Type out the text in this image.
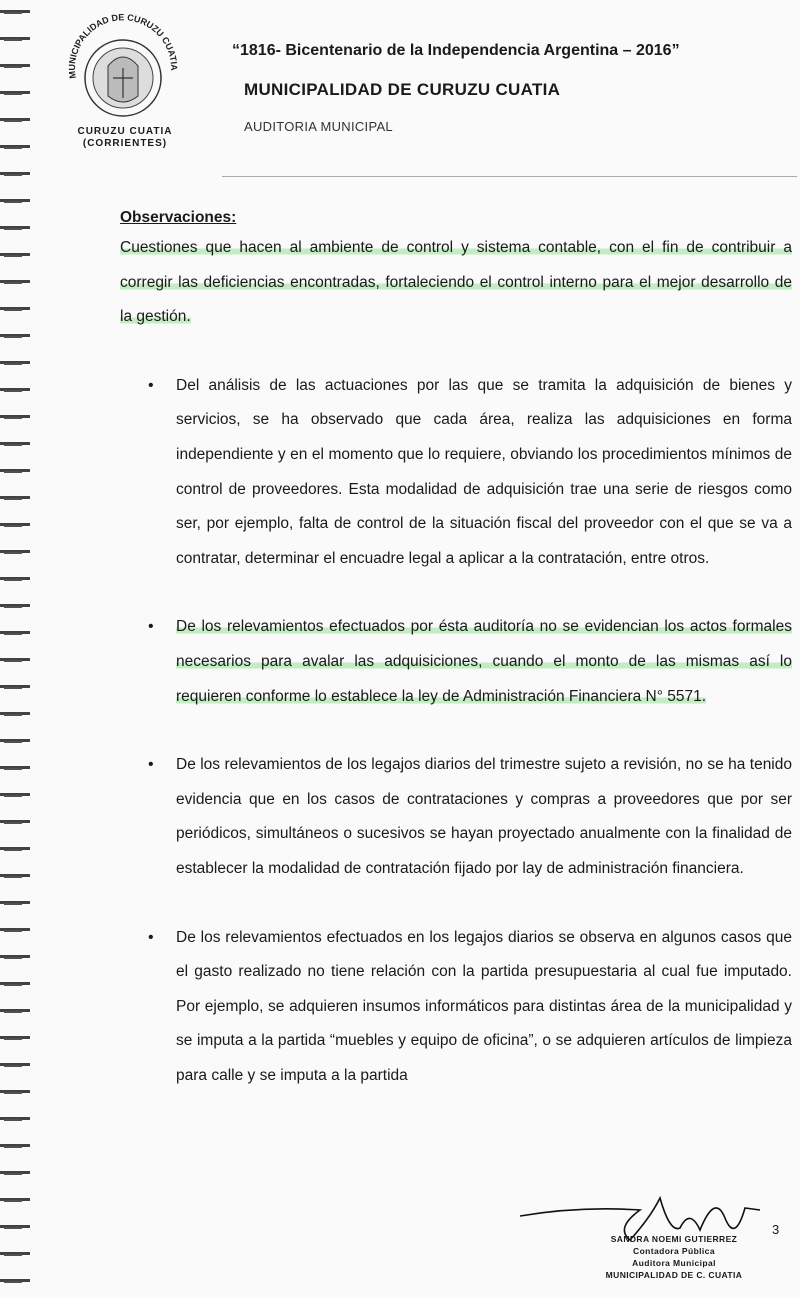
MUNICIPALIDAD DE CURUZU CUATIA
CURUZU CUATIA
(CORRIENTES)
“1816- Bicentenario de la Independencia Argentina – 2016”
MUNICIPALIDAD DE CURUZU CUATIA
AUDITORIA MUNICIPAL
Observaciones:

Cuestiones que hacen al ambiente de control y sistema contable, con el fin de contribuir a corregir las deficiencias encontradas, fortaleciendo el control interno para el mejor desarrollo de la gestión.

• Del análisis de las actuaciones por las que se tramita la adquisición de bienes y servicios, se ha observado que cada área, realiza las adquisiciones en forma independiente y en el momento que lo requiere, obviando los procedimientos mínimos de control de proveedores. Esta modalidad de adquisición trae una serie de riesgos como ser, por ejemplo, falta de control de la situación fiscal del proveedor con el que se va a contratar, determinar el encuadre legal a aplicar a la contratación, entre otros.
• De los relevamientos efectuados por ésta auditoría no se evidencian los actos formales necesarios para avalar las adquisiciones, cuando el monto de las mismas así lo requieren conforme lo establece la ley de Administración Financiera N° 5571.
• De los relevamientos de los legajos diarios del trimestre sujeto a revisión, no se ha tenido evidencia que en los casos de contrataciones y compras a proveedores que por ser periódicos, simultáneos o sucesivos se hayan proyectado anualmente con la finalidad de establecer la modalidad de contratación fijado por lay de administración financiera.
• De los relevamientos efectuados en los legajos diarios se observa en algunos casos que el gasto realizado no tiene relación con la partida presupuestaria al cual fue imputado. Por ejemplo, se adquieren insumos informáticos para distintas área de la municipalidad y se imputa a la partida “muebles y equipo de oficina”, o se adquieren artículos de limpieza para calle y se imputa a la partida
SANDRA NOEMI GUTIERREZ
Contadora Pública
Auditora Municipal
MUNICIPALIDAD DE C. CUATIA
3
